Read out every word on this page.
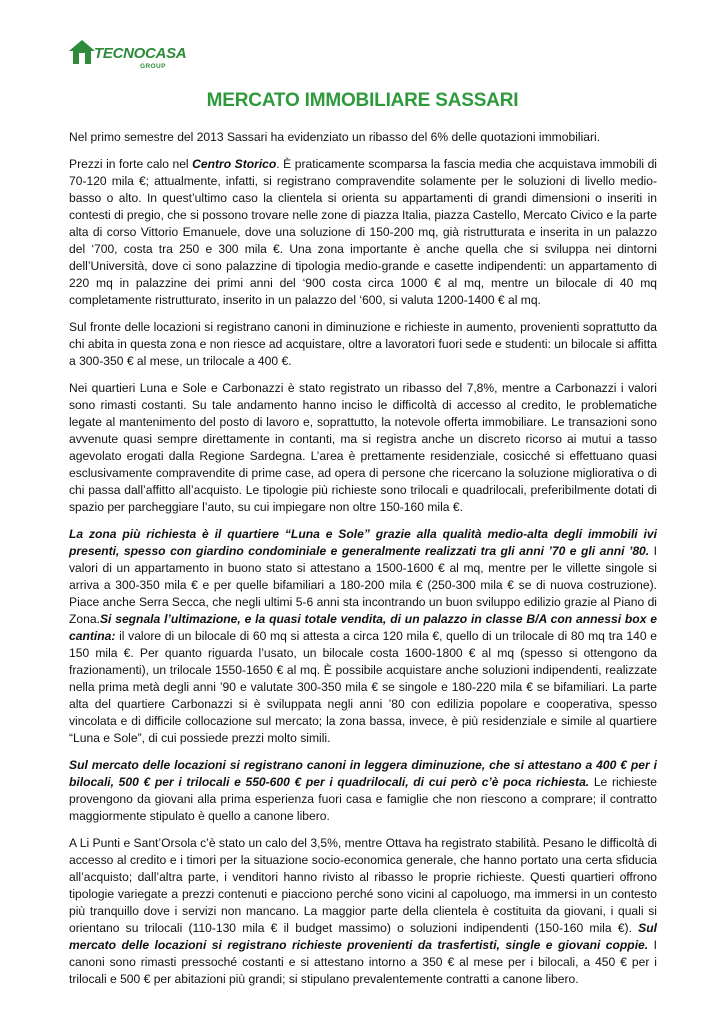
TECNOCASA
GROUP
MERCATO IMMOBILIARE SASSARI

Nel primo semestre del 2013 Sassari ha evidenziato un ribasso del 6% delle quotazioni immobiliari.

Prezzi in forte calo nel Centro Storico. È praticamente scomparsa la fascia media che acquistava immobili di 70-120 mila €; attualmente, infatti, si registrano compravendite solamente per le soluzioni di livello medio-basso o alto. In quest’ultimo caso la clientela si orienta su appartamenti di grandi dimensioni o inseriti in contesti di pregio, che si possono trovare nelle zone di piazza Italia, piazza Castello, Mercato Civico e la parte alta di corso Vittorio Emanuele, dove una soluzione di 150-200 mq, già ristrutturata e inserita in un palazzo del ‘700, costa tra 250 e 300 mila €. Una zona importante è anche quella che si sviluppa nei dintorni dell’Università, dove ci sono palazzine di tipologia medio-grande e casette indipendenti: un appartamento di 220 mq in palazzine dei primi anni del ‘900 costa circa 1000 € al mq, mentre un bilocale di 40 mq completamente ristrutturato, inserito in un palazzo del ‘600, si valuta 1200-1400 € al mq.

Sul fronte delle locazioni si registrano canoni in diminuzione e richieste in aumento, provenienti soprattutto da chi abita in questa zona e non riesce ad acquistare, oltre a lavoratori fuori sede e studenti: un bilocale si affitta a 300-350 € al mese, un trilocale a 400 €.

Nei quartieri Luna e Sole e Carbonazzi è stato registrato un ribasso del 7,8%, mentre a Carbonazzi i valori sono rimasti costanti. Su tale andamento hanno inciso le difficoltà di accesso al credito, le problematiche legate al mantenimento del posto di lavoro e, soprattutto, la notevole offerta immobiliare. Le transazioni sono avvenute quasi sempre direttamente in contanti, ma si registra anche un discreto ricorso ai mutui a tasso agevolato erogati dalla Regione Sardegna. L’area è prettamente residenziale, cosicché si effettuano quasi esclusivamente compravendite di prime case, ad opera di persone che ricercano la soluzione migliorativa o di chi passa dall’affitto all’acquisto. Le tipologie più richieste sono trilocali e quadrilocali, preferibilmente dotati di spazio per parcheggiare l’auto, su cui impiegare non oltre 150-160 mila €.

La zona più richiesta è il quartiere “Luna e Sole” grazie alla qualità medio-alta degli immobili ivi presenti, spesso con giardino condominiale e generalmente realizzati tra gli anni ’70 e gli anni ’80. I valori di un appartamento in buono stato si attestano a 1500-1600 € al mq, mentre per le villette singole si arriva a 300-350 mila € e per quelle bifamiliari a 180-200 mila € (250-300 mila € se di nuova costruzione). Piace anche Serra Secca, che negli ultimi 5-6 anni sta incontrando un buon sviluppo edilizio grazie al Piano di Zona.Si segnala l’ultimazione, e la quasi totale vendita, di un palazzo in classe B/A con annessi box e cantina: il valore di un bilocale di 60 mq si attesta a circa 120 mila €, quello di un trilocale di 80 mq tra 140 e 150 mila €. Per quanto riguarda l’usato, un bilocale costa 1600-1800 € al mq (spesso si ottengono da frazionamenti), un trilocale 1550-1650 € al mq. È possibile acquistare anche soluzioni indipendenti, realizzate nella prima metà degli anni ’90 e valutate 300-350 mila € se singole e 180-220 mila € se bifamiliari. La parte alta del quartiere Carbonazzi si è sviluppata negli anni ’80 con edilizia popolare e cooperativa, spesso vincolata e di difficile collocazione sul mercato; la zona bassa, invece, è più residenziale e simile al quartiere “Luna e Sole”, di cui possiede prezzi molto simili.

Sul mercato delle locazioni si registrano canoni in leggera diminuzione, che si attestano a 400 € per i bilocali, 500 € per i trilocali e 550-600 € per i quadrilocali, di cui però c’è poca richiesta. Le richieste provengono da giovani alla prima esperienza fuori casa e famiglie che non riescono a comprare; il contratto maggiormente stipulato è quello a canone libero.

A Li Punti e Sant’Orsola c’è stato un calo del 3,5%, mentre Ottava ha registrato stabilità. Pesano le difficoltà di accesso al credito e i timori per la situazione socio-economica generale, che hanno portato una certa sfiducia all’acquisto; dall’altra parte, i venditori hanno rivisto al ribasso le proprie richieste. Questi quartieri offrono tipologie variegate a prezzi contenuti e piacciono perché sono vicini al capoluogo, ma immersi in un contesto più tranquillo dove i servizi non mancano. La maggior parte della clientela è costituita da giovani, i quali si orientano su trilocali (110-130 mila € il budget massimo) o soluzioni indipendenti (150-160 mila €). Sul mercato delle locazioni si registrano richieste provenienti da trasfertisti, single e giovani coppie. I canoni sono rimasti pressoché costanti e si attestano intorno a 350 € al mese per i bilocali, a 450 € per i trilocali e 500 € per abitazioni più grandi; si stipulano prevalentemente contratti a canone libero.
